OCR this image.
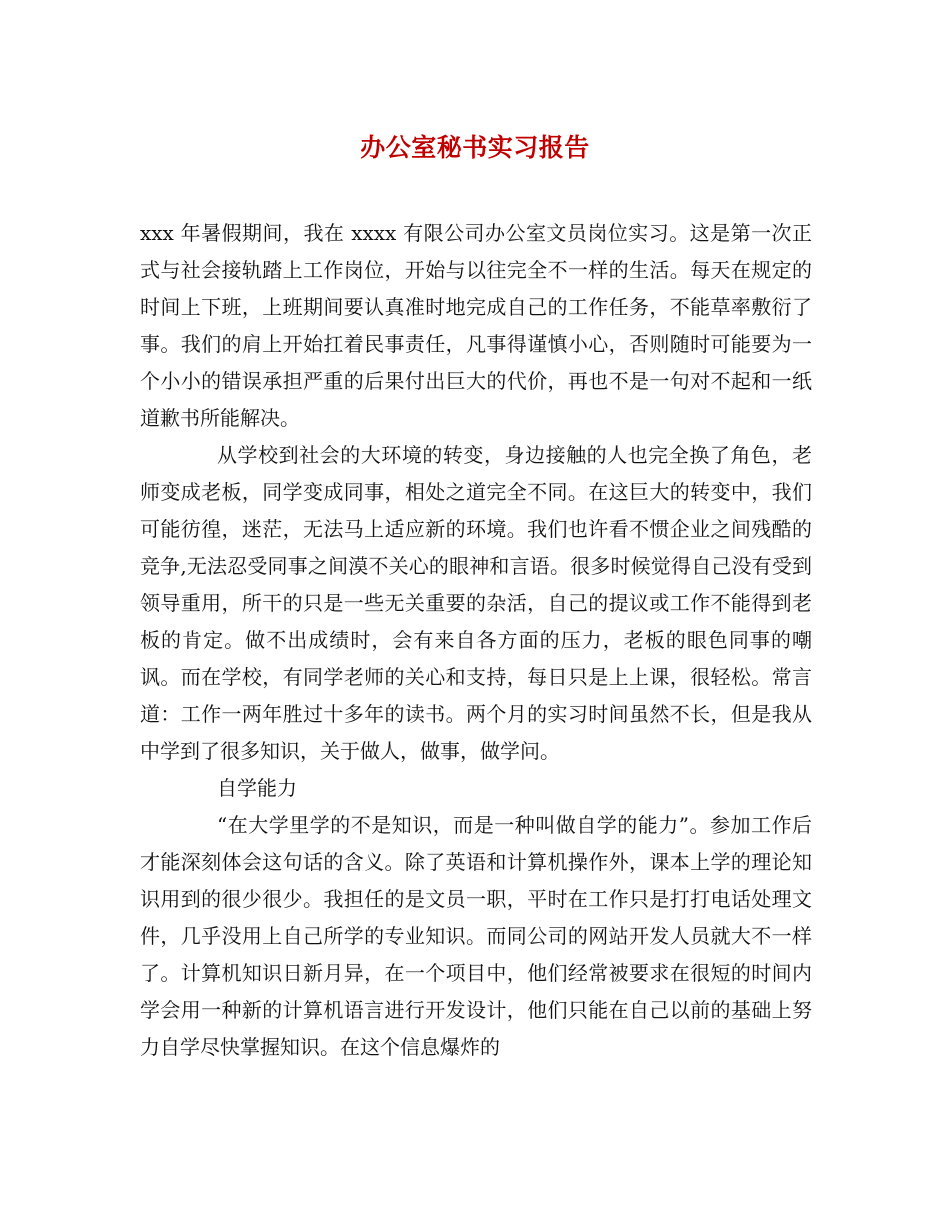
办公室秘书实习报告

xxx 年暑假期间，我在 xxxx 有限公司办公室文员岗位实习。这是第一次正式与社会接轨踏上工作岗位，开始与以往完全不一样的生活。每天在规定的时间上下班，上班期间要认真准时地完成自己的工作任务，不能草率敷衍了事。我们的肩上开始扛着民事责任，凡事得谨慎小心，否则随时可能要为一个小小的错误承担严重的后果付出巨大的代价，再也不是一句对不起和一纸道歉书所能解决。

从学校到社会的大环境的转变，身边接触的人也完全换了角色，老师变成老板，同学变成同事，相处之道完全不同。在这巨大的转变中，我们可能彷徨，迷茫，无法马上适应新的环境。我们也许看不惯企业之间残酷的竞争,无法忍受同事之间漠不关心的眼神和言语。很多时候觉得自己没有受到领导重用，所干的只是一些无关重要的杂活，自己的提议或工作不能得到老板的肯定。做不出成绩时，会有来自各方面的压力，老板的眼色同事的嘲讽。而在学校，有同学老师的关心和支持，每日只是上上课，很轻松。常言道：工作一两年胜过十多年的读书。两个月的实习时间虽然不长，但是我从中学到了很多知识，关于做人，做事，做学问。

自学能力

“在大学里学的不是知识，而是一种叫做自学的能力”。参加工作后才能深刻体会这句话的含义。除了英语和计算机操作外，课本上学的理论知识用到的很少很少。我担任的是文员一职，平时在工作只是打打电话处理文件，几乎没用上自己所学的专业知识。而同公司的网站开发人员就大不一样了。计算机知识日新月异，在一个项目中，他们经常被要求在很短的时间内学会用一种新的计算机语言进行开发设计，他们只能在自己以前的基础上努力自学尽快掌握知识。在这个信息爆炸的
